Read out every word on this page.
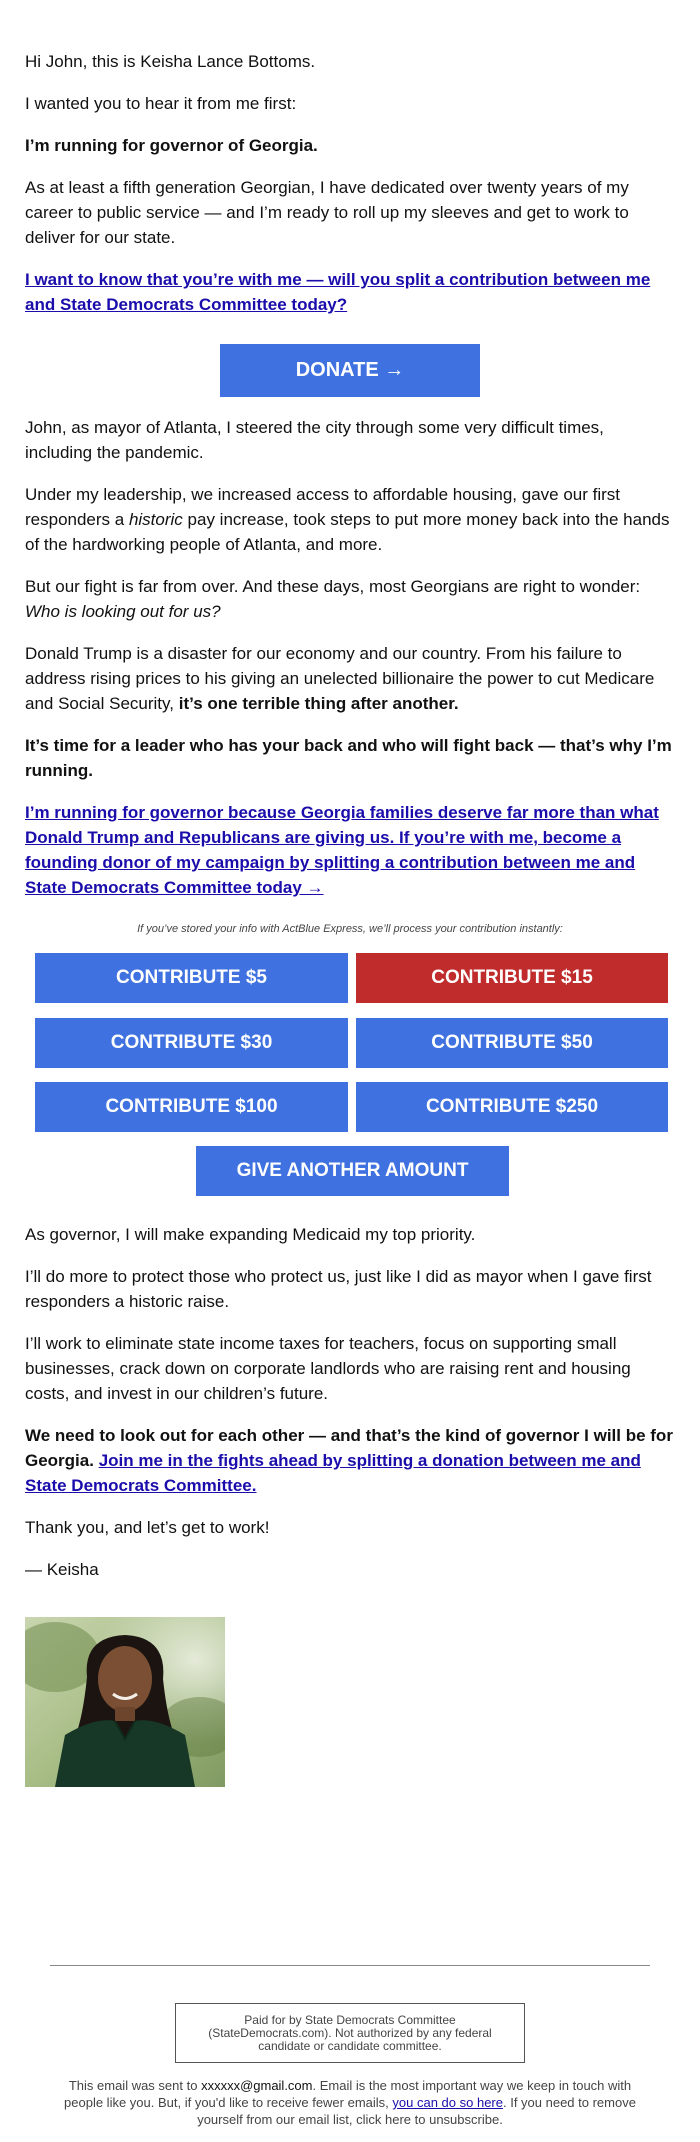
Hi John, this is Keisha Lance Bottoms.

I wanted you to hear it from me first:

I’m running for governor of Georgia.

As at least a fifth generation Georgian, I have dedicated over twenty years of my career to public service — and I’m ready to roll up my sleeves and get to work to deliver for our state.

I want to know that you’re with me — will you split a contribution between me and State Democrats Committee today?

DONATE →

John, as mayor of Atlanta, I steered the city through some very difficult times, including the pandemic.

Under my leadership, we increased access to affordable housing, gave our first responders a historic pay increase, took steps to put more money back into the hands of the hardworking people of Atlanta, and more.

But our fight is far from over. And these days, most Georgians are right to wonder: Who is looking out for us?

Donald Trump is a disaster for our economy and our country. From his failure to address rising prices to his giving an unelected billionaire the power to cut Medicare and Social Security, it’s one terrible thing after another.

It’s time for a leader who has your back and who will fight back — that’s why I’m running.

I’m running for governor because Georgia families deserve far more than what Donald Trump and Republicans are giving us. If you’re with me, become a founding donor of my campaign by splitting a contribution between me and State Democrats Committee today →

If you’ve stored your info with ActBlue Express, we’ll process your contribution instantly:
CONTRIBUTE $5	CONTRIBUTE $15
CONTRIBUTE $30	CONTRIBUTE $50
CONTRIBUTE $100	CONTRIBUTE $250
GIVE ANOTHER AMOUNT

As governor, I will make expanding Medicaid my top priority.

I’ll do more to protect those who protect us, just like I did as mayor when I gave first responders a historic raise.

I’ll work to eliminate state income taxes for teachers, focus on supporting small businesses, crack down on corporate landlords who are raising rent and housing costs, and invest in our children’s future.

We need to look out for each other — and that’s the kind of governor I will be for Georgia. Join me in the fights ahead by splitting a donation between me and State Democrats Committee.

Thank you, and let’s get to work!

— Keisha

Paid for by State Democrats Committee (StateDemocrats.com). Not authorized by any federal candidate or candidate committee.
This email was sent to xxxxxx@gmail.com. Email is the most important way we keep in touch with people like you. But, if you'd like to receive fewer emails, you can do so here. If you need to remove yourself from our email list, click here to unsubscribe.
